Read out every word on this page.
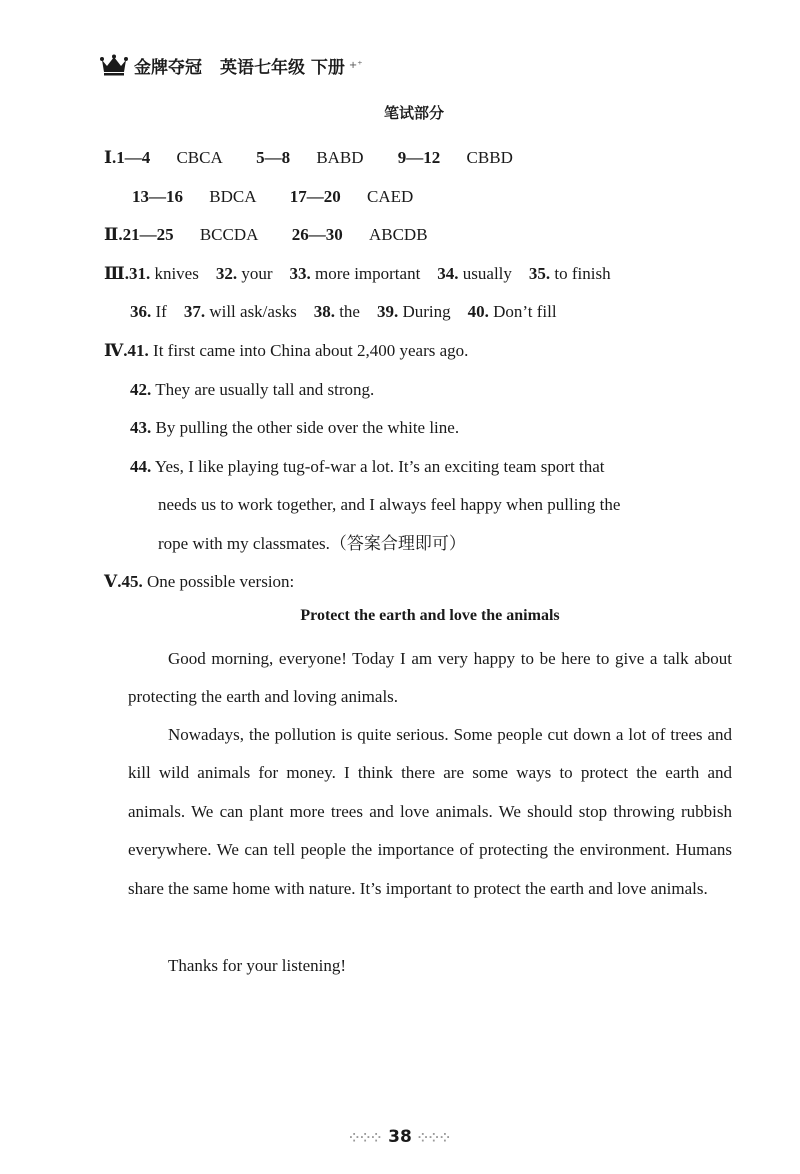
金牌夺冠 英语七年级 下册 +⁺
笔试部分
Ⅰ.1—4 CBCA 5—8 BABD 9—12 CBBD
13—16 BDCA 17—20 CAED
Ⅱ.21—25 BCCDA 26—30 ABCDB
Ⅲ.31. knives 32. your 33. more important 34. usually 35. to finish
36. If 37. will ask/asks 38. the 39. During 40. Don’t fill
Ⅳ.41. It first came into China about 2,400 years ago.
42. They are usually tall and strong.
43. By pulling the other side over the white line.
44. Yes, I like playing tug-of-war a lot. It’s an exciting team sport that
needs us to work together, and I always feel happy when pulling the
rope with my classmates.（答案合理即可）
Ⅴ.45. One possible version:
Protect the earth and love the animals

Good morning, everyone! Today I am very happy to be here to give a talk about protecting the earth and loving animals.

Nowadays, the pollution is quite serious. Some people cut down a lot of trees and kill wild animals for money. I think there are some ways to protect the earth and animals. We can plant more trees and love animals. We should stop throwing rubbish everywhere. We can tell people the importance of protecting the environment. Humans share the same home with nature. It’s important to protect the earth and love animals.

Thanks for your listening!

⁘⁘⁘ 38 ⁘⁘⁘
